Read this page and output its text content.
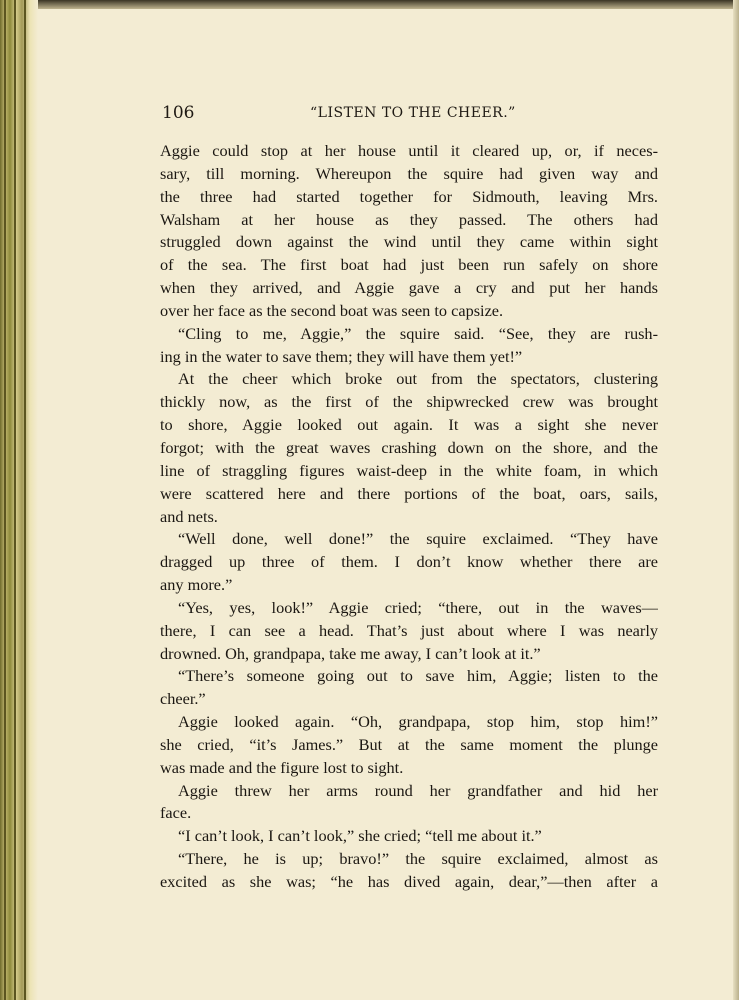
106	“LISTEN TO THE CHEER.”
Aggie could stop at her house until it cleared up, or, if neces-
sary, till morning. Whereupon the squire had given way and
the three had started together for Sidmouth, leaving Mrs.
Walsham at her house as they passed. The others had
struggled down against the wind until they came within sight
of the sea. The first boat had just been run safely on shore
when they arrived, and Aggie gave a cry and put her hands
over her face as the second boat was seen to capsize.
“Cling to me, Aggie,” the squire said. “See, they are rush-
ing in the water to save them; they will have them yet!”
At the cheer which broke out from the spectators, clustering
thickly now, as the first of the shipwrecked crew was brought
to shore, Aggie looked out again. It was a sight she never
forgot; with the great waves crashing down on the shore, and the
line of straggling figures waist-deep in the white foam, in which
were scattered here and there portions of the boat, oars, sails,
and nets.
“Well done, well done!” the squire exclaimed. “They have
dragged up three of them. I don’t know whether there are
any more.”
“Yes, yes, look!” Aggie cried; “there, out in the waves—
there, I can see a head. That’s just about where I was nearly
drowned. Oh, grandpapa, take me away, I can’t look at it.”
“There’s someone going out to save him, Aggie; listen to the
cheer.”
Aggie looked again. “Oh, grandpapa, stop him, stop him!”
she cried, “it’s James.” But at the same moment the plunge
was made and the figure lost to sight.
Aggie threw her arms round her grandfather and hid her
face.
“I can’t look, I can’t look,” she cried; “tell me about it.”
“There, he is up; bravo!” the squire exclaimed, almost as
excited as she was; “he has dived again, dear,”—then after a
